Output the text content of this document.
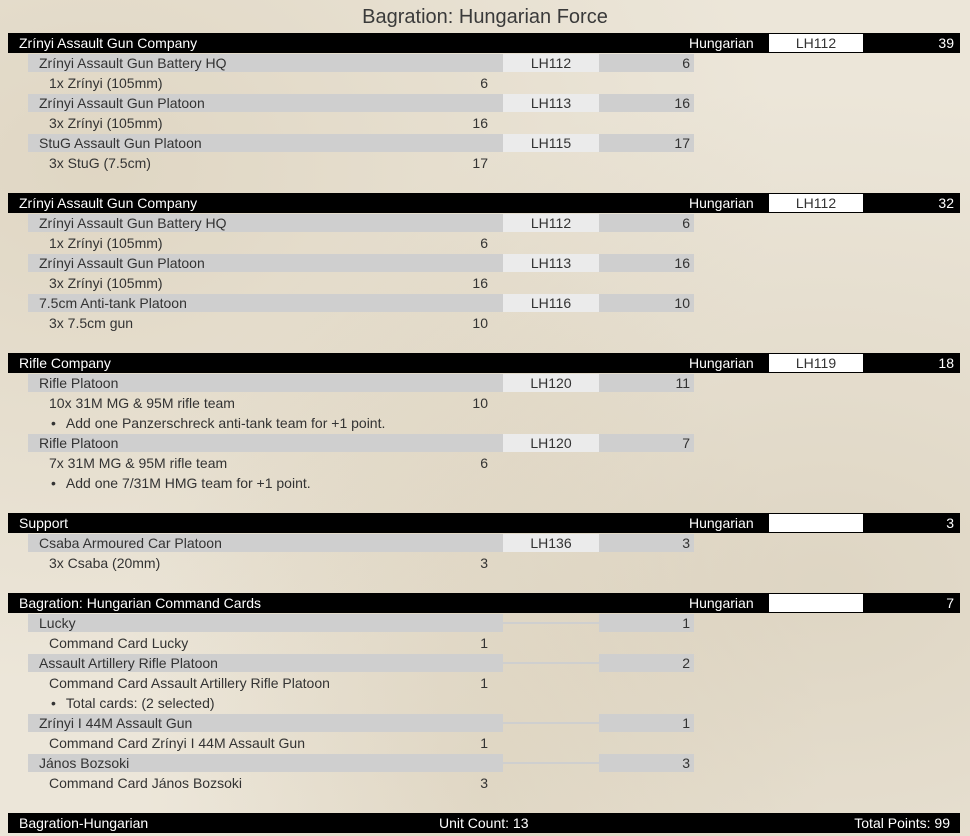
Bagration: Hungarian Force
Zrínyi Assault Gun Company	Hungarian	LH112	39
Zrínyi Assault Gun Battery HQ	LH112	6
1x Zrínyi (105mm)	6
Zrínyi Assault Gun Platoon	LH113	16
3x Zrínyi (105mm)	16
StuG Assault Gun Platoon	LH115	17
3x StuG (7.5cm)	17
Zrínyi Assault Gun Company	Hungarian	LH112	32
Zrínyi Assault Gun Battery HQ	LH112	6
1x Zrínyi (105mm)	6
Zrínyi Assault Gun Platoon	LH113	16
3x Zrínyi (105mm)	16
7.5cm Anti-tank Platoon	LH116	10
3x 7.5cm gun	10
Rifle Company	Hungarian	LH119	18
Rifle Platoon	LH120	11
10x 31M MG & 95M rifle team	10
• Add one Panzerschreck anti-tank team for +1 point.
Rifle Platoon	LH120	7
7x 31M MG & 95M rifle team	6
• Add one 7/31M HMG team for +1 point.
Support	Hungarian	3
Csaba Armoured Car Platoon	LH136	3
3x Csaba (20mm)	3
Bagration: Hungarian Command Cards	Hungarian	7
Lucky	1
Command Card Lucky	1
Assault Artillery Rifle Platoon	2
Command Card Assault Artillery Rifle Platoon	1
• Total cards: (2 selected)
Zrínyi I 44M Assault Gun	1
Command Card Zrínyi I 44M Assault Gun	1
János Bozsoki	3
Command Card János Bozsoki	3
Bagration-Hungarian	Unit Count: 13	Total Points: 99
